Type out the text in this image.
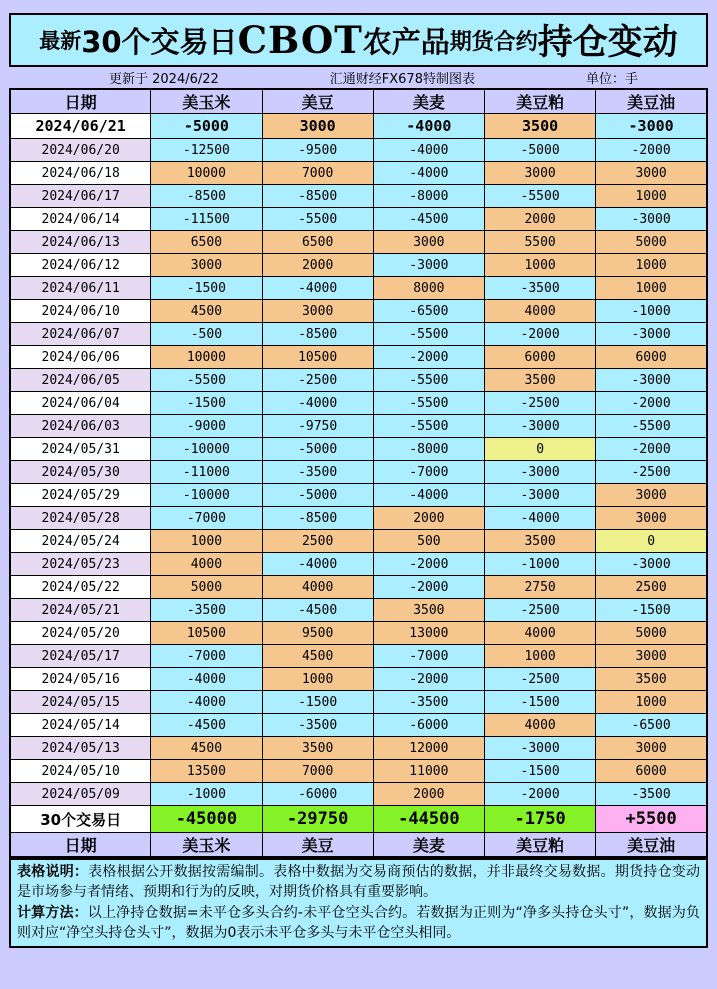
最新 30个交易日 CBOT 农产品 期货合约 持仓变动
更新于 2024/6/22	汇通财经FX678特制图表	单位：手
日期	美玉米	美豆	美麦	美豆粕	美豆油
2024/06/21	-5000	3000	-4000	3500	-3000
2024/06/20	-12500	-9500	-4000	-5000	-2000
2024/06/18	10000	7000	-4000	3000	3000
2024/06/17	-8500	-8500	-8000	-5500	1000
2024/06/14	-11500	-5500	-4500	2000	-3000
2024/06/13	6500	6500	3000	5500	5000
2024/06/12	3000	2000	-3000	1000	1000
2024/06/11	-1500	-4000	8000	-3500	1000
2024/06/10	4500	3000	-6500	4000	-1000
2024/06/07	-500	-8500	-5500	-2000	-3000
2024/06/06	10000	10500	-2000	6000	6000
2024/06/05	-5500	-2500	-5500	3500	-3000
2024/06/04	-1500	-4000	-5500	-2500	-2000
2024/06/03	-9000	-9750	-5500	-3000	-5500
2024/05/31	-10000	-5000	-8000	0	-2000
2024/05/30	-11000	-3500	-7000	-3000	-2500
2024/05/29	-10000	-5000	-4000	-3000	3000
2024/05/28	-7000	-8500	2000	-4000	3000
2024/05/24	1000	2500	500	3500	0
2024/05/23	4000	-4000	-2000	-1000	-3000
2024/05/22	5000	4000	-2000	2750	2500
2024/05/21	-3500	-4500	3500	-2500	-1500
2024/05/20	10500	9500	13000	4000	5000
2024/05/17	-7000	4500	-7000	1000	3000
2024/05/16	-4000	1000	-2000	-2500	3500
2024/05/15	-4000	-1500	-3500	-1500	1000
2024/05/14	-4500	-3500	-6000	4000	-6500
2024/05/13	4500	3500	12000	-3000	3000
2024/05/10	13500	7000	11000	-1500	6000
2024/05/09	-1000	-6000	2000	-2000	-3500
30个交易日	-45000	-29750	-44500	-1750	+5500
日期	美玉米	美豆	美麦	美豆粕	美豆油

表格说明：表格根据公开数据按需编制。表格中数据为交易商预估的数据，并非最终交易数据。期货持仓变动是市场参与者情绪、预期和行为的反映，对期货价格具有重要影响。

计算方法：以上净持仓数据=未平仓多头合约-未平仓空头合约。若数据为正则为“净多头持仓头寸”，数据为负则对应“净空头持仓头寸”，数据为0表示未平仓多头与未平仓空头相同。
